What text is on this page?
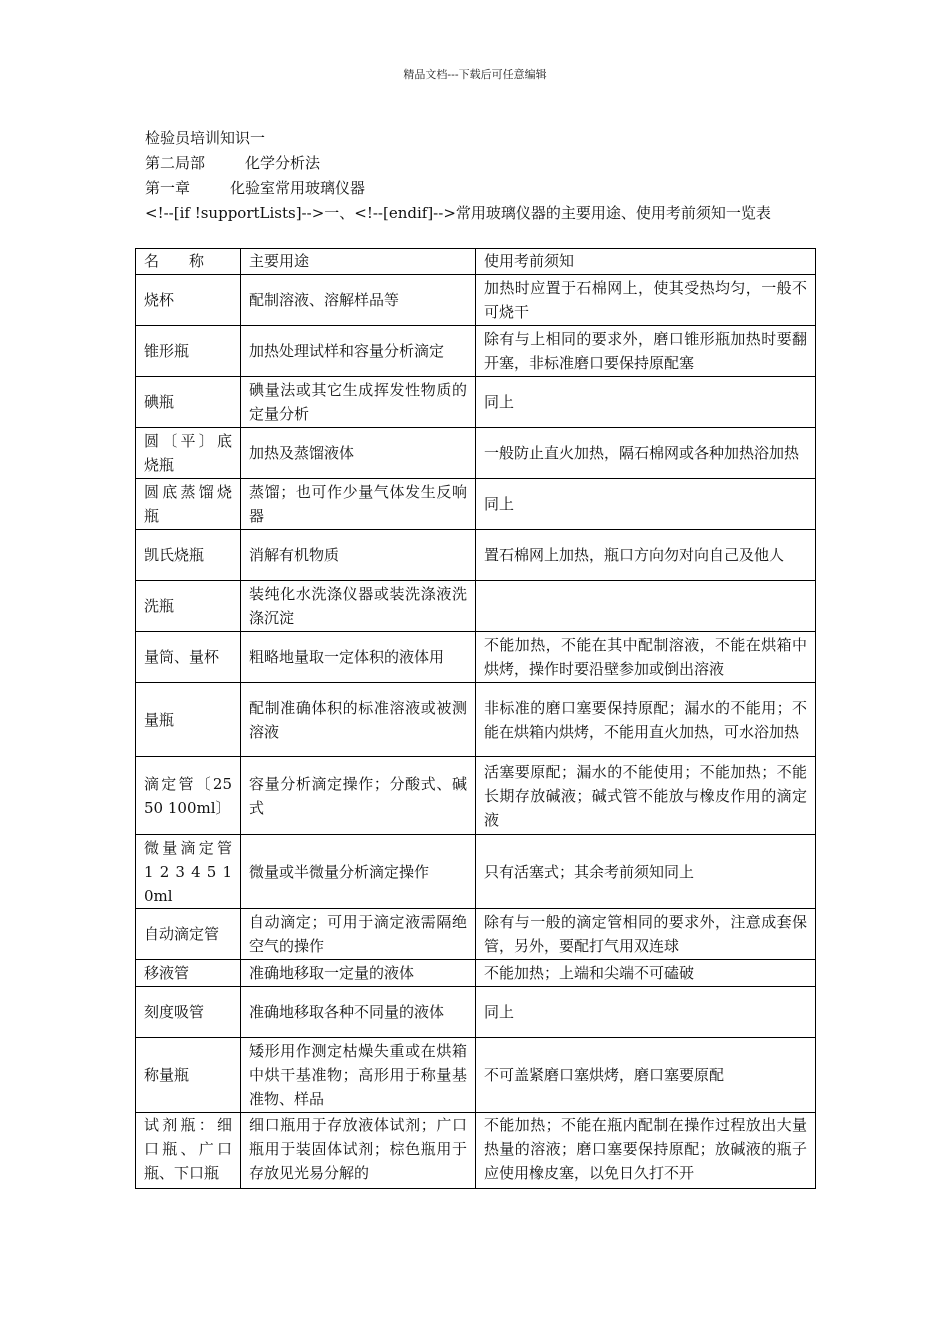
精品文档---下载后可任意编辑
检验员培训知识一
第二局部	化学分析法
第一章	化验室常用玻璃仪器
<!--[if !supportLists]-->一、<!--[endif]-->常用玻璃仪器的主要用途、使用考前须知一览表
名　　称	主要用途	使用考前须知
烧杯	配制溶液、溶解样品等	加热时应置于石棉网上，使其受热均匀，一般不可烧干
锥形瓶	加热处理试样和容量分析滴定	除有与上相同的要求外，磨口锥形瓶加热时要翻开塞，非标准磨口要保持原配塞
碘瓶	碘量法或其它生成挥发性物质的定量分析	同上
圆〔平〕底烧瓶	加热及蒸馏液体	一般防止直火加热，隔石棉网或各种加热浴加热
圆底蒸馏烧瓶	蒸馏；也可作少量气体发生反响器	同上
凯氏烧瓶	消解有机物质	置石棉网上加热，瓶口方向勿对向自己及他人
洗瓶	装纯化水洗涤仪器或装洗涤液洗涤沉淀	
量筒、量杯	粗略地量取一定体积的液体用	不能加热，不能在其中配制溶液，不能在烘箱中烘烤，操作时要沿壁参加或倒出溶液
量瓶	配制准确体积的标准溶液或被测溶液	非标准的磨口塞要保持原配；漏水的不能用；不能在烘箱内烘烤，不能用直火加热，可水浴加热
滴定管〔25 50 100ml〕	容量分析滴定操作；分酸式、碱式	活塞要原配；漏水的不能使用；不能加热；不能长期存放碱液；碱式管不能放与橡皮作用的滴定液
微量滴定管 1 2 3 4 5 10ml	微量或半微量分析滴定操作	只有活塞式；其余考前须知同上
自动滴定管	自动滴定；可用于滴定液需隔绝空气的操作	除有与一般的滴定管相同的要求外，注意成套保管，另外，要配打气用双连球
移液管	准确地移取一定量的液体	不能加热；上端和尖端不可磕破
刻度吸管	准确地移取各种不同量的液体	同上
称量瓶	矮形用作测定枯燥失重或在烘箱中烘干基准物；高形用于称量基准物、样品	不可盖紧磨口塞烘烤，磨口塞要原配
试剂瓶：细口瓶、广口瓶、下口瓶	细口瓶用于存放液体试剂；广口瓶用于装固体试剂；棕色瓶用于存放见光易分解的	不能加热；不能在瓶内配制在操作过程放出大量热量的溶液；磨口塞要保持原配；放碱液的瓶子应使用橡皮塞，以免日久打不开
